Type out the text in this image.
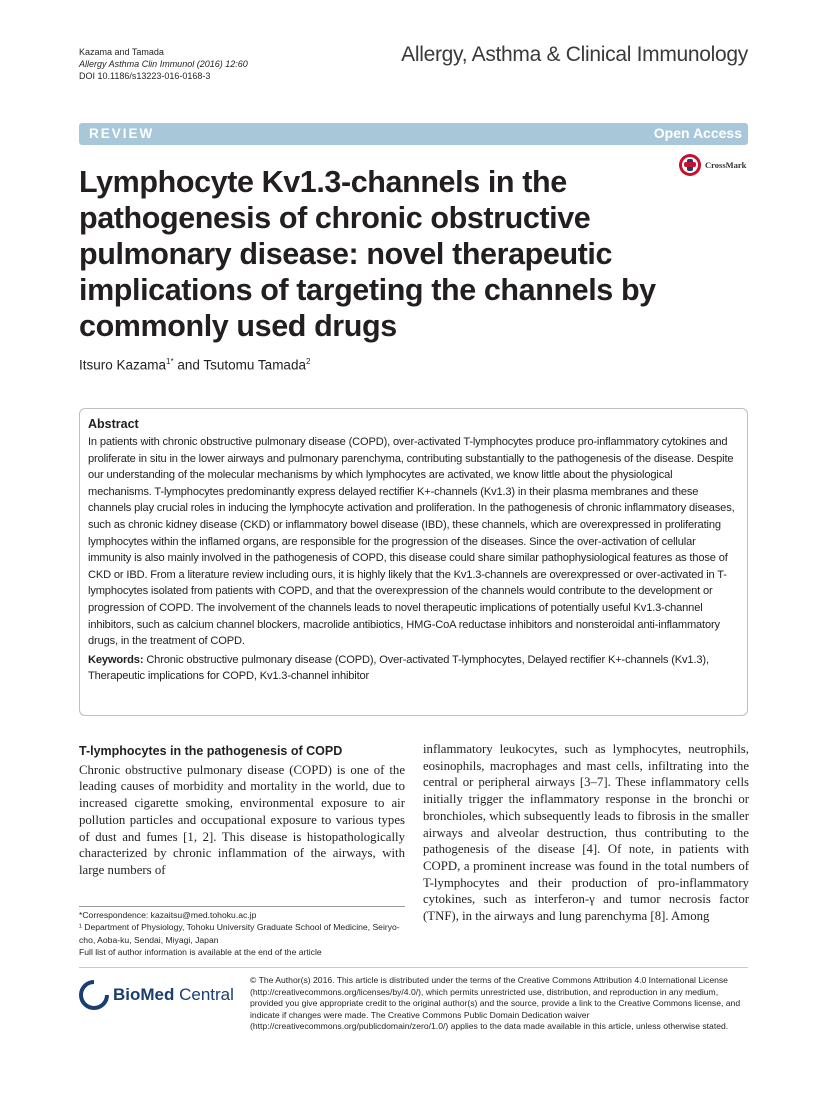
Kazama and Tamada
Allergy Asthma Clin Immunol (2016) 12:60
DOI 10.1186/s13223-016-0168-3
Allergy, Asthma & Clinical Immunology
REVIEW	Open Access
CrossMark
Lymphocyte Kv1.3-channels in the pathogenesis of chronic obstructive pulmonary disease: novel therapeutic implications of targeting the channels by commonly used drugs
Itsuro Kazama$^{1*}$ and Tsutomu Tamada$^2$
Abstract

In patients with chronic obstructive pulmonary disease (COPD), over-activated T-lymphocytes produce pro-inflammatory cytokines and proliferate in situ in the lower airways and pulmonary parenchyma, contributing substantially to the pathogenesis of the disease. Despite our understanding of the molecular mechanisms by which lymphocytes are activated, we know little about the physiological mechanisms. T-lymphocytes predominantly express delayed rectifier K+-channels (Kv1.3) in their plasma membranes and these channels play crucial roles in inducing the lymphocyte activation and proliferation. In the pathogenesis of chronic inflammatory diseases, such as chronic kidney disease (CKD) or inflammatory bowel disease (IBD), these channels, which are overexpressed in proliferating lymphocytes within the inflamed organs, are responsible for the progression of the diseases. Since the over-activation of cellular immunity is also mainly involved in the pathogenesis of COPD, this disease could share similar pathophysiological features as those of CKD or IBD. From a literature review including ours, it is highly likely that the Kv1.3-channels are overexpressed or over-activated in T-lymphocytes isolated from patients with COPD, and that the overexpression of the channels would contribute to the development or progression of COPD. The involvement of the channels leads to novel therapeutic implications of potentially useful Kv1.3-channel inhibitors, such as calcium channel blockers, macrolide antibiotics, HMG-CoA reductase inhibitors and nonsteroidal anti-inflammatory drugs, in the treatment of COPD.

Keywords: Chronic obstructive pulmonary disease (COPD), Over-activated T-lymphocytes, Delayed rectifier K+-channels (Kv1.3), Therapeutic implications for COPD, Kv1.3-channel inhibitor

T-lymphocytes in the pathogenesis of COPD

Chronic obstructive pulmonary disease (COPD) is one of the leading causes of morbidity and mortality in the world, due to increased cigarette smoking, environmental exposure to air pollution particles and occupational exposure to various types of dust and fumes [1, 2]. This disease is histopathologically characterized by chronic inflammation of the airways, with large numbers of

inflammatory leukocytes, such as lymphocytes, neutrophils, eosinophils, macrophages and mast cells, infiltrating into the central or peripheral airways [3–7]. These inflammatory cells initially trigger the inflammatory response in the bronchi or bronchioles, which subsequently leads to fibrosis in the smaller airways and alveolar destruction, thus contributing to the pathogenesis of the disease [4]. Of note, in patients with COPD, a prominent increase was found in the total numbers of T-lymphocytes and their production of pro-inflammatory cytokines, such as interferon-γ and tumor necrosis factor (TNF), in the airways and lung parenchyma [8]. Among

*Correspondence: kazaitsu@med.tohoku.ac.jp
¹ Department of Physiology, Tohoku University Graduate School of Medicine, Seiryo-cho, Aoba-ku, Sendai, Miyagi, Japan
Full list of author information is available at the end of the article
BioMed Central

© The Author(s) 2016. This article is distributed under the terms of the Creative Commons Attribution 4.0 International License (http://creativecommons.org/licenses/by/4.0/), which permits unrestricted use, distribution, and reproduction in any medium, provided you give appropriate credit to the original author(s) and the source, provide a link to the Creative Commons license, and indicate if changes were made. The Creative Commons Public Domain Dedication waiver (http://creativecommons.org/publicdomain/zero/1.0/) applies to the data made available in this article, unless otherwise stated.
